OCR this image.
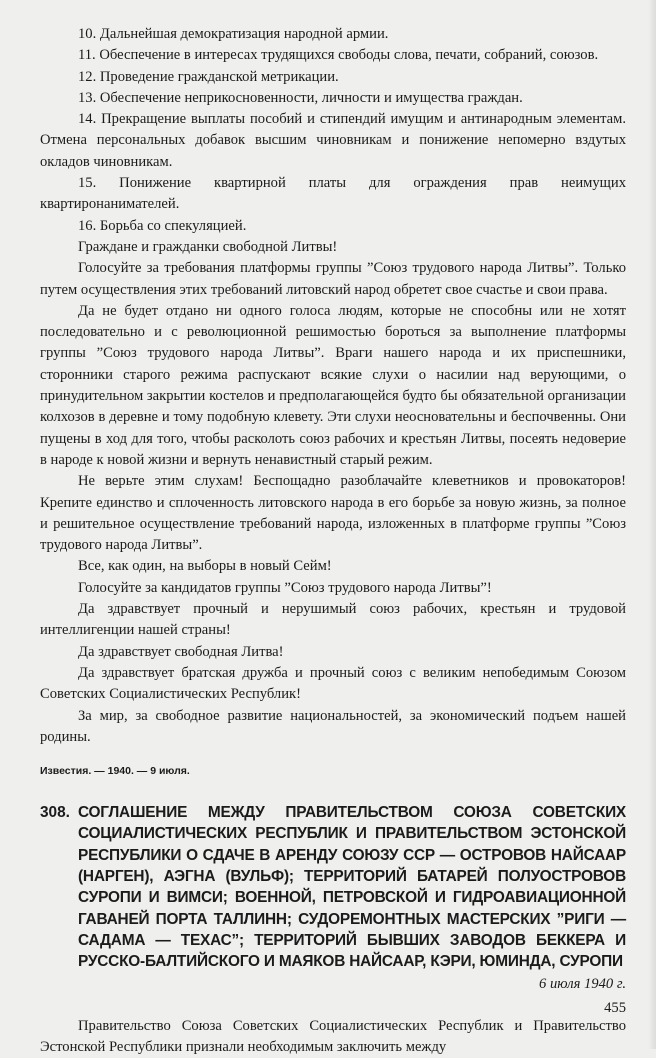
10. Дальнейшая демократизация народной армии.

11. Обеспечение в интересах трудящихся свободы слова, печати, собраний, союзов.

12. Проведение гражданской метрикации.

13. Обеспечение неприкосновенности, личности и имущества граждан.

14. Прекращение выплаты пособий и стипендий имущим и антинародным элементам. Отмена персональных добавок высшим чиновникам и понижение непомерно вздутых окладов чиновникам.

15. Понижение квартирной платы для ограждения прав неимущих квартиронанимателей.

16. Борьба со спекуляцией.

Граждане и гражданки свободной Литвы!

Голосуйте за требования платформы группы ”Союз трудового народа Литвы”. Только путем осуществления этих требований литовский народ обретет свое счастье и свои права.

Да не будет отдано ни одного голоса людям, которые не способны или не хотят последовательно и с революционной решимостью бороться за выполнение платформы группы ”Союз трудового народа Литвы”. Враги нашего народа и их приспешники, сторонники старого режима распускают всякие слухи о насилии над верующими, о принудительном закрытии костелов и предполагающейся будто бы обязательной организации колхозов в деревне и тому подобную клевету. Эти слухи неосновательны и беспочвенны. Они пущены в ход для того, чтобы расколоть союз рабочих и крестьян Литвы, посеять недоверие в народе к новой жизни и вернуть ненавистный старый режим.

Не верьте этим слухам! Беспощадно разоблачайте клеветников и провокаторов! Крепите единство и сплоченность литовского народа в его борьбе за новую жизнь, за полное и решительное осуществление требований народа, изложенных в платформе группы ”Союз трудового народа Литвы”.

Все, как один, на выборы в новый Сейм!

Голосуйте за кандидатов группы ”Союз трудового народа Литвы”!

Да здравствует прочный и нерушимый союз рабочих, крестьян и трудовой интеллигенции нашей страны!

Да здравствует свободная Литва!

Да здравствует братская дружба и прочный союз с великим непобедимым Союзом Советских Социалистических Республик!

За мир, за свободное развитие национальностей, за экономический подъем нашей родины.

Известия. — 1940. — 9 июля.

308. СОГЛАШЕНИЕ МЕЖДУ ПРАВИТЕЛЬСТВОМ СОЮЗА СОВЕТСКИХ СОЦИАЛИСТИЧЕСКИХ РЕСПУБЛИК И ПРАВИТЕЛЬСТВОМ ЭСТОНСКОЙ РЕСПУБЛИКИ О СДАЧЕ В АРЕНДУ СОЮЗУ ССР — ОСТРОВОВ НАЙСААР (НАРГЕН), АЭГНА (ВУЛЬФ); ТЕРРИТОРИЙ БАТАРЕЙ ПОЛУОСТРОВОВ СУРОПИ И ВИМСИ; ВОЕННОЙ, ПЕТРОВСКОЙ И ГИДРОАВИАЦИОННОЙ ГАВАНЕЙ ПОРТА ТАЛЛИНН; СУДОРЕМОНТНЫХ МАСТЕРСКИХ ”РИГИ — САДАМА — ТЕХАС”; ТЕРРИТОРИЙ БЫВШИХ ЗАВОДОВ БЕККЕРА И РУССКО-БАЛТИЙСКОГО И МАЯКОВ НАЙСААР, КЭРИ, ЮМИНДА, СУРОПИ

6 июля 1940 г.

Правительство Союза Советских Социалистических Республик и Правительство Эстонской Республики признали необходимым заключить между

455
